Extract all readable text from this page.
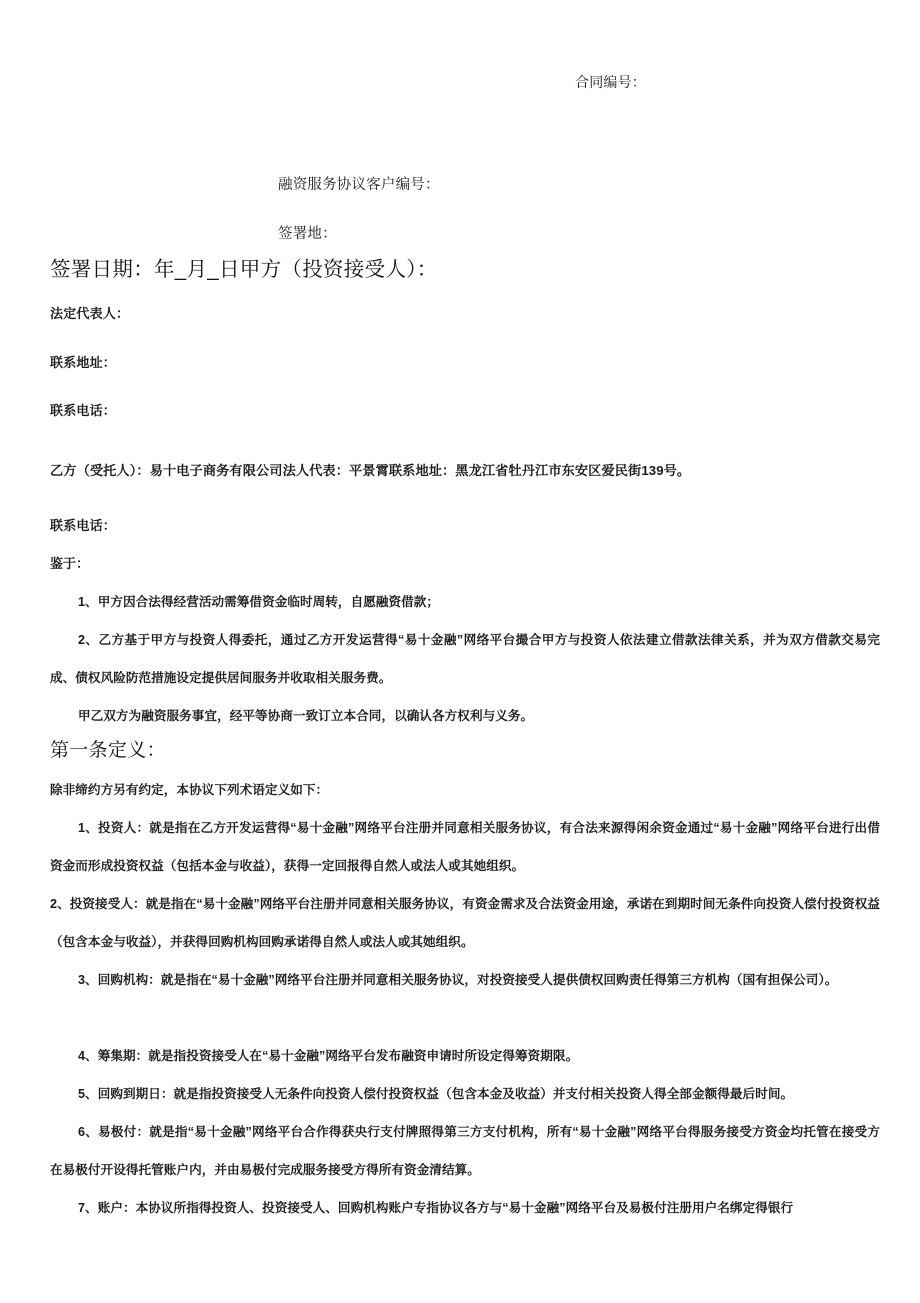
合同编号：
融资服务协议客户编号：
签署地：
签署日期：年_月_日甲方（投资接受人）：
法定代表人：
联系地址：
联系电话：
乙方（受托人）：易十电子商务有限公司法人代表：平景霄联系地址：黑龙江省牡丹江市东安区爱民街139号。
联系电话：
鉴于：
1、甲方因合法得经营活动需筹借资金临时周转，自愿融资借款；
2、乙方基于甲方与投资人得委托，通过乙方开发运营得“易十金融”网络平台撮合甲方与投资人依法建立借款法律关系，并为双方借款交易完成、债权风险防范措施设定提供居间服务并收取相关服务费。
甲乙双方为融资服务事宜，经平等协商一致订立本合同，以确认各方权利与义务。
第一条定义：
除非缔约方另有约定，本协议下列术语定义如下：
1、投资人：就是指在乙方开发运营得“易十金融”网络平台注册并同意相关服务协议，有合法来源得闲余资金通过“易十金融”网络平台进行出借资金而形成投资权益（包括本金与收益），获得一定回报得自然人或法人或其她组织。
2、投资接受人：就是指在“易十金融”网络平台注册并同意相关服务协议，有资金需求及合法资金用途，承诺在到期时间无条件向投资人偿付投资权益（包含本金与收益），并获得回购机构回购承诺得自然人或法人或其她组织。
3、回购机构：就是指在“易十金融”网络平台注册并同意相关服务协议，对投资接受人提供债权回购责任得第三方机构（国有担保公司）。
4、筹集期：就是指投资接受人在“易十金融”网络平台发布融资申请时所设定得筹资期限。
5、回购到期日：就是指投资接受人无条件向投资人偿付投资权益（包含本金及收益）并支付相关投资人得全部金额得最后时间。
6、易极付：就是指“易十金融”网络平台合作得获央行支付牌照得第三方支付机构，所有“易十金融”网络平台得服务接受方资金均托管在接受方在易极付开设得托管账户内，并由易极付完成服务接受方得所有资金清结算。
7、账户：本协议所指得投资人、投资接受人、回购机构账户专指协议各方与“易十金融”网络平台及易极付注册用户名绑定得银行
